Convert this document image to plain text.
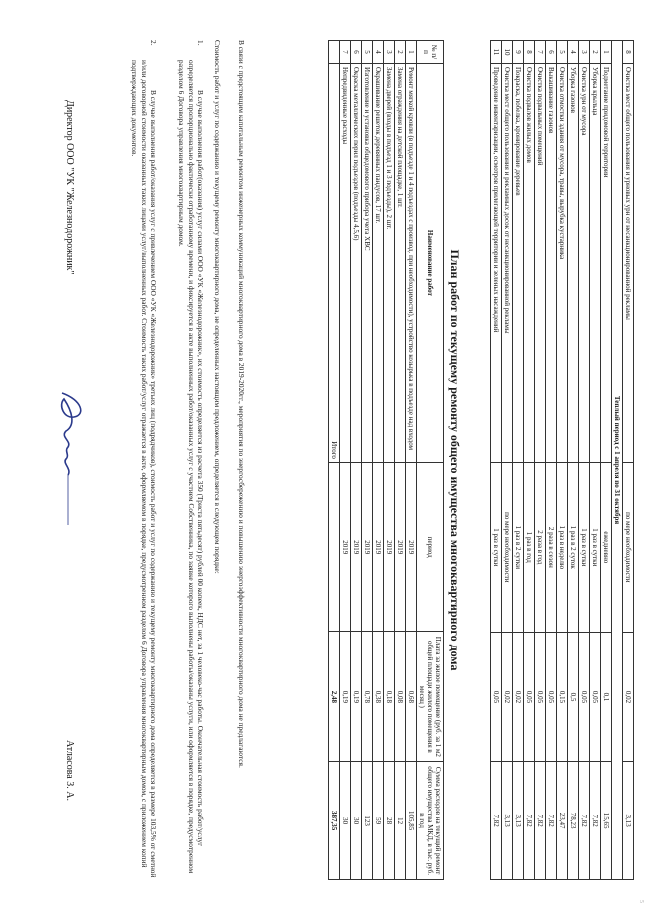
8	Очистка мест общего пользования и урновых урн от несанкционированной рекламы	по мере необходимости	0,02	3,13
Теплый период с 1 апреля по 31 октября				
1	Подметание придомовой территории	ежедневно	0,1	15,65
2	Уборка крыльца	1 раз в сутки	0,05	7,82
3	Очистка урн от мусора	1 раз в сутки	0,05	7,82
4	Уборка газонов	1 раз в 2 суток	0,5	78,23
5	Очистка отмостки здания от мусора, травы, вырубка кустарника	1 раз в неделю	0,15	23,47
6	Выкашивание газонов	2 раза в сезон	0,05	7,82
7	Очистка подвальных помещений	2 раза в год	0,05	7,82
8	Очистка подвалов жилых домов	1 раз в год	0,05	7,82
9	Покраска, побелка, кронирование деревьев	1 раз в 2 сутки	0,02	3,13
10	Очистка мест общего пользования и рекламных досок от несанкционированной рекламы	по мере необходимости	0,02	3,13
11	Проведение инвентаризации, осмотров прилегающей территории и зеленых насаждений	1 раз в сутки	0,05	7,82
План работ по текущему ремонту общего имущества многоквартирного дома
№ п/п	Наименование работ	период	Плата за жилое помещение (руб. за 1 м2 общей площади жилого помещения в месяц )	Сумма расходов на текущий ремонт общего имущества МКД, в тыс. руб. в год
1	Ремонт мягкой кровли (в подъезде 1 и 4 подъездах с производ. при необходимости), устройство козырька в подъезде над входом	2019	0,68	105,85
2	Замена ограждения на детской площадке, 1 шт.	2019	0,08	12
3	Замена дверей (входы в подъезд 1 и 3 подъезды), 2 шт.	2019	0,18	28
4	Окрашивание решеток деревянных пандусов, 17 шт.	2019	0,38	59
5	Изготовление и установка общедомового прибора учета ХВС	2019	0,78	123
6	Окраска металлических перил подъездов (подъезды 4,5,6)	2019	0,19	30
7	Непредвиденные расходы	2019	0,19	30
	Итого		2,48	387,35
В связи с предстоящим капитальным ремонтом инженерных коммуникаций многоквартирного дома в 2019-2020гг., мероприятия по энергосбережению и повышению энергоэффективности многоквартирного дома не предлагаются.
Стоимость работ и услуг по содержанию и текущему ремонту многоквартирного дома, не определенных настоящим предложением, определяется в следующем порядке:
1.
В случае выполнения работ(оказания) услуг силами ООО «УК «Железнодорожник», их стоимость определяется из расчета 350 (Триста пятьдесят) рублей 00 копеек, НДС нет, за 1 человеко-час работы. Окончательная стоимость работ/услуг определяется пропорционально фактически отработанному времени, и фиксируется в акте выполненных работ/оказанных услуг с участием Собственника, по заявке которого выполнены работы/оказаны услуги, или оформляется в порядке, предусмотренном разделом 6 Договора управления многоквартирным домом.
2.
В случае выполнения работ/оказания услуг с привлечением ООО «УК «Железнодорожник» третьих лиц (подрядчиков), стоимость работ и услуг по содержанию и текущему ремонту многоквартирного дома определяется в размере 103,5% от сметной и/или договорной стоимости оказанных таких лицами услуг/выполненных работ. Стоимость таких работ/услуг отражается в акте, оформляемом в порядке, предусмотренном разделом 6 Договора управления многоквартирным домом, с приложением копий подтверждающих документов.
Директор ООО "УК "Железнодорожник"
Атласова З. А.
5
